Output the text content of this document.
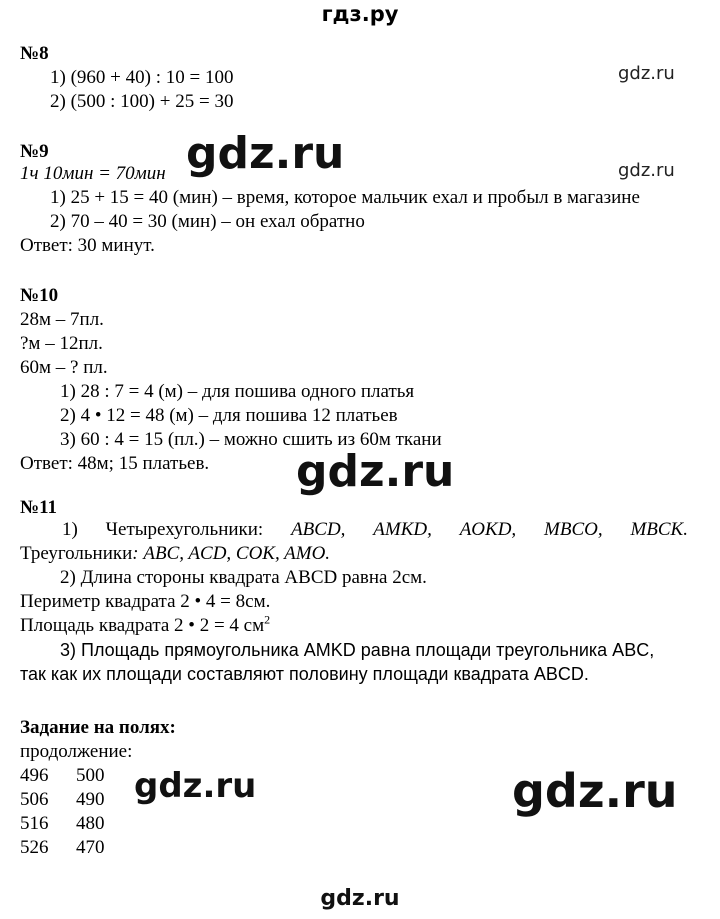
гдз.ру
gdz.ru
gdz.ru
gdz.ru
gdz.ru
gdz.ru	gdz.ru
gdz.ru
№8
1) (960 + 40) : 10 = 100
2) (500 : 100) + 25 = 30
№9
1ч 10мин = 70мин
1) 25 + 15 = 40 (мин) – время, которое мальчик ехал и пробыл в магазине
2) 70 – 40 = 30 (мин) – он ехал обратно
Ответ: 30 минут.
№10
28м – 7пл.
?м – 12пл.
60м – ? пл.
1) 28 : 7 = 4 (м) – для пошива одного платья
2) 4 • 12 = 48 (м) – для пошива 12 платьев
3) 60 : 4 = 15 (пл.) – можно сшить из 60м ткани
Ответ: 48м; 15 платьев.
№11
1) Четырехугольники: ABCD, AMKD, AOKD, MBCO, MBCK.
Треугольники: ABC, ACD, COK, AMO.
2) Длина стороны квадрата ABCD равна 2см.
Периметр квадрата 2 • 4 = 8см.
Площадь квадрата 2 • 2 = 4 $см^2$
3) Площадь прямоугольника AMKD равна площади треугольника ABC,
так как их площади составляют половину площади квадрата ABCD.
Задание на полях:
продолжение:
496 500
506 490
516 480
526 470
